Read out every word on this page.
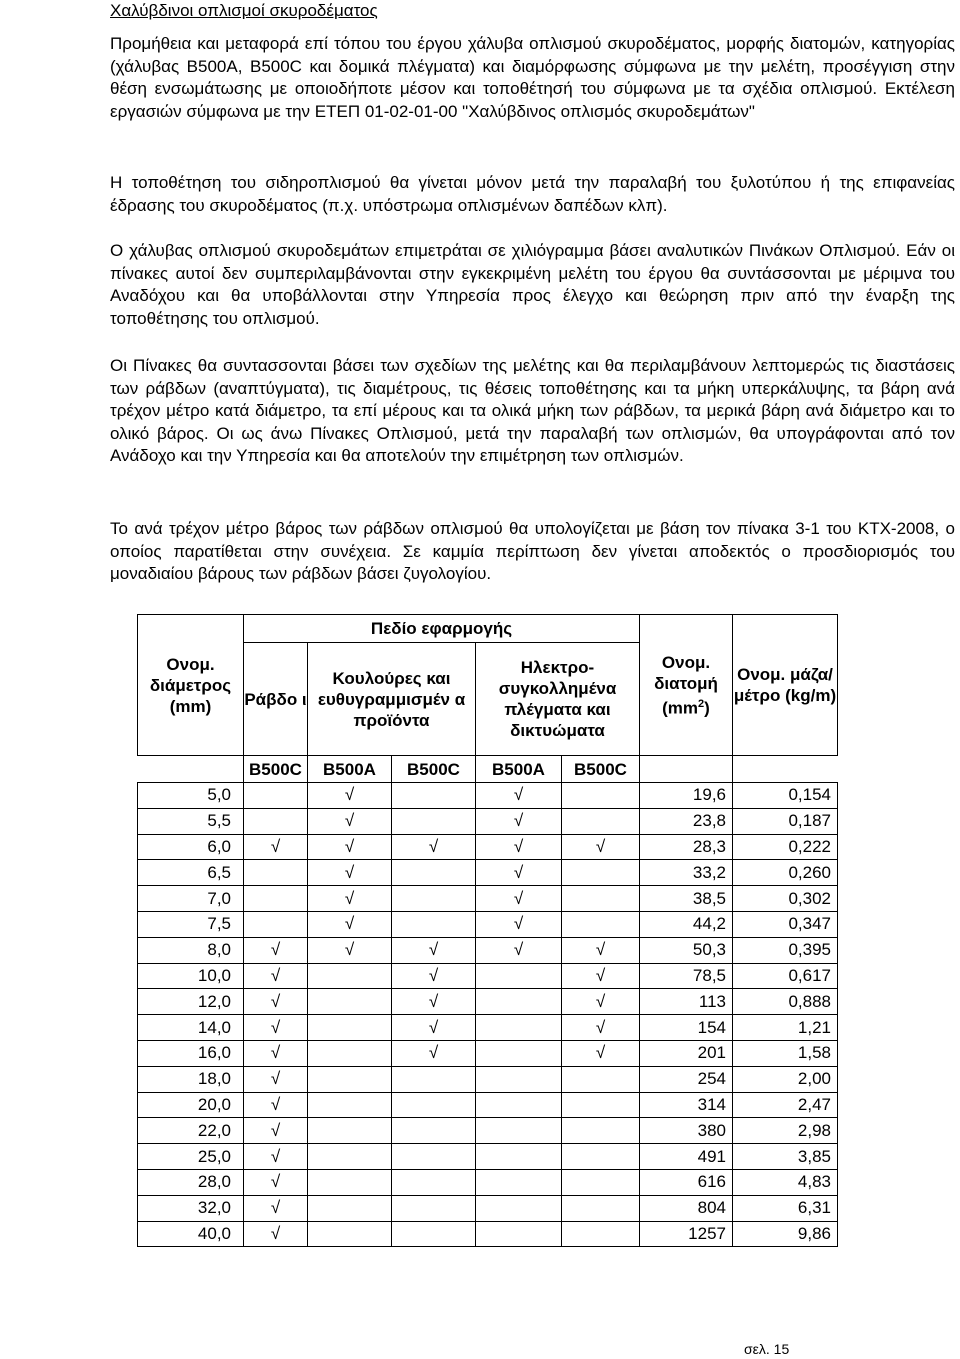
Χαλύβδινοι οπλισμοί σκυροδέματος

Προμήθεια και μεταφορά επί τόπου του έργου χάλυβα οπλισμού σκυροδέματος, μορφής διατομών, κατηγορίας (χάλυβας B500A, B500C και δομικά πλέγματα) και διαμόρφωσης σύμφωνα με την μελέτη, προσέγγιση στην θέση ενσωμάτωσης με οποιοδήποτε μέσον και τοποθέτησή του σύμφωνα με τα σχέδια οπλισμού. Εκτέλεση εργασιών σύμφωνα με την ΕΤΕΠ 01-02-01-00 "Χαλύβδινος οπλισμός σκυροδεμάτων"

Η τοποθέτηση του σιδηροπλισμού θα γίνεται μόνον μετά την παραλαβή του ξυλοτύπου ή της επιφανείας έδρασης του σκυροδέματος (π.χ. υπόστρωμα οπλισμένων δαπέδων κλπ).

Ο χάλυβας οπλισμού σκυροδεμάτων επιμετράται σε χιλιόγραμμα βάσει αναλυτικών Πινάκων Οπλισμού. Εάν οι πίνακες αυτοί δεν συμπεριλαμβάνονται στην εγκεκριμένη μελέτη του έργου θα συντάσσονται με μέριμνα του Αναδόχου και θα υποβάλλονται στην Υπηρεσία προς έλεγχο και θεώρηση πριν από την έναρξη της τοποθέτησης του οπλισμού.

Οι Πίνακες θα συντασσονται βάσει των σχεδίων της μελέτης και θα περιλαμβάνουν λεπτομερώς τις διαστάσεις των ράβδων (αναπτύγματα), τις διαμέτρους, τις θέσεις τοποθέτησης και τα μήκη υπερκάλυψης, τα βάρη ανά τρέχον μέτρο κατά διάμετρο, τα επί μέρους και τα ολικά μήκη των ράβδων, τα μερικά βάρη ανά διάμετρο και το ολικό βάρος. Οι ως άνω Πίνακες Οπλισμού, μετά την παραλαβή των οπλισμών, θα υπογράφονται από τον Ανάδοχο και την Υπηρεσία και θα αποτελούν την επιμέτρηση των οπλισμών.

Το ανά τρέχον μέτρο βάρος των ράβδων οπλισμού θα υπολογίζεται με βάση τον πίνακα 3-1 του ΚΤΧ-2008, ο οποίος παρατίθεται στην συνέχεια. Σε καμμία περίπτωση δεν γίνεται αποδεκτός ο προσδιορισμός του μοναδιαίου βάρους των ράβδων βάσει ζυγολογίου.

Ονομ. διάμετρος (mm)	Πεδίο εφαρμογής					Ονομ. διατομή $(mm^2)$	Ονομ. μάζα/ μέτρο (kg/m)
	Ράβδο ι	Κουλούρες και ευθυγραμμισμέν α προϊόντα		Ηλεκτρο- συγκολλημένα πλέγματα και δικτυώματα			
	B500C	B500A	B500C	B500A	B500C		
5,0		√		√		19,6	0,154
5,5		√		√		23,8	0,187
6,0	√	√	√	√	√	28,3	0,222
6,5		√		√		33,2	0,260
7,0		√		√		38,5	0,302
7,5		√		√		44,2	0,347
8,0	√	√	√	√	√	50,3	0,395
10,0	√		√		√	78,5	0,617
12,0	√		√		√	113	0,888
14,0	√		√		√	154	1,21
16,0	√		√		√	201	1,58
18,0	√					254	2,00
20,0	√					314	2,47
22,0	√					380	2,98
25,0	√					491	3,85
28,0	√					616	4,83
32,0	√					804	6,31
40,0	√					1257	9,86
σελ. 15
